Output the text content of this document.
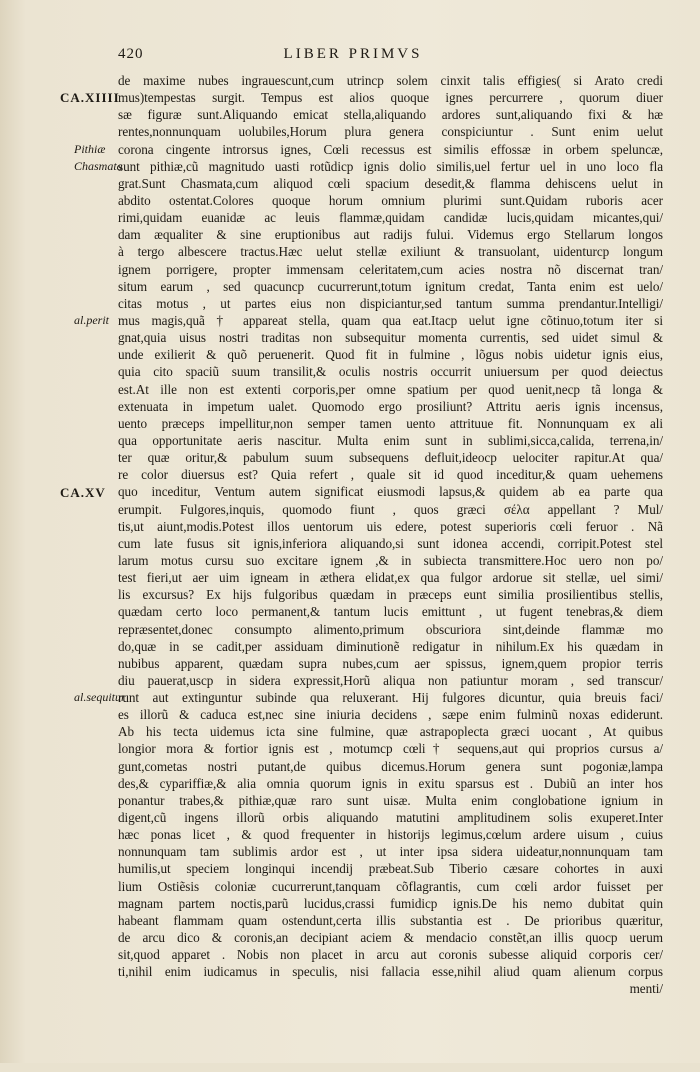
420	LIBER PRIMVS
CA.XIIII
Pithiæ
Chasmata
al.perit
CA.XV
al.sequitur
de maxime nubes ingrauescunt,cum utrincp solem cinxit talis effigies( si Arato credi
mus)tempestas surgit. Tempus est alios quoque ignes percurrere , quorum diuer
sæ figuræ sunt.Aliquando emicat stella,aliquando ardores sunt,aliquando fixi & hæ
rentes,nonnunquam uolubiles,Horum plura genera conspiciuntur . Sunt enim uelut
corona cingente introrsus ignes, Cœli recessus est similis effossæ in orbem speluncæ,
sunt pithiæ,cũ magnitudo uasti rotũdicp ignis dolio similis,uel fertur uel in uno loco fla
grat.Sunt Chasmata,cum aliquod cœli spacium desedit,& flamma dehiscens uelut in
abdito ostentat.Colores quoque horum omnium plurimi sunt.Quidam ruboris acer
rimi,quidam euanidæ ac leuis flammæ,quidam candidæ lucis,quidam micantes,qui/
dam æqualiter & sine eruptionibus aut radijs fului. Videmus ergo Stellarum longos
à tergo albescere tractus.Hæc uelut stellæ exiliunt & transuolant, uidenturcp longum
ignem porrigere, propter immensam celeritatem,cum acies nostra nõ discernat tran/
situm earum , sed quacuncp cucurrerunt,totum ignitum credat, Tanta enim est uelo/
citas motus , ut partes eius non dispiciantur,sed tantum summa prendantur.Intelligi/
mus magis,quã † appareat stella, quam qua eat.Itacp uelut igne cõtinuo,totum iter si
gnat,quia uisus nostri traditas non subsequitur momenta currentis, sed uidet simul &
unde exilierit & quõ peruenerit. Quod fit in fulmine , lõgus nobis uidetur ignis eius,
quia cito spaciũ suum transilit,& oculis nostris occurrit uniuersum per quod deiectus
est.At ille non est extenti corporis,per omne spatium per quod uenit,necp tã longa &
extenuata in impetum ualet. Quomodo ergo prosiliunt? Attritu aeris ignis incensus,
uento præceps impellitur,non semper tamen uento attrituue fit. Nonnunquam ex ali
qua opportunitate aeris nascitur. Multa enim sunt in sublimi,sicca,calida, terrena,in/
ter quæ oritur,& pabulum suum subsequens defluit,ideocp uelociter rapitur.At qua/
re color diuersus est? Quia refert , quale sit id quod inceditur,& quam uehemens
quo inceditur, Ventum autem significat eiusmodi lapsus,& quidem ab ea parte qua
erumpit. Fulgores,inquis, quomodo fiunt , quos græci σέλα appellant ? Mul/
tis,ut aiunt,modis.Potest illos uentorum uis edere, potest superioris cœli feruor . Nã
cum late fusus sit ignis,inferiora aliquando,si sunt idonea accendi, corripit.Potest stel
larum motus cursu suo excitare ignem ,& in subiecta transmittere.Hoc uero non po/
test fieri,ut aer uim igneam in æthera elidat,ex qua fulgor ardorue sit stellæ, uel simi/
lis excursus? Ex hijs fulgoribus quædam in præceps eunt similia prosilientibus stellis,
quædam certo loco permanent,& tantum lucis emittunt , ut fugent tenebras,& diem
repræsentet,donec consumpto alimento,primum obscuriora sint,deinde flammæ mo
do,quæ in se cadit,per assiduam diminutionẽ redigatur in nihilum.Ex his quædam in
nubibus apparent, quædam supra nubes,cum aer spissus, ignem,quem propior terris
diu pauerat,uscp in sidera expressit,Horũ aliqua non patiuntur moram , sed transcur/
runt aut extinguntur subinde qua reluxerant. Hij fulgores dicuntur, quia breuis faci/
es illorũ & caduca est,nec sine iniuria decidens , sæpe enim fulminũ noxas ediderunt.
Ab his tecta uidemus icta sine fulmine, quæ astrapoplecta græci uocant , At quibus
longior mora & fortior ignis est , motumcp cœli† sequens,aut qui proprios cursus a/
gunt,cometas nostri putant,de quibus dicemus.Horum genera sunt pogoniæ,lampa
des,& cypariffiæ,& alia omnia quorum ignis in exitu sparsus est . Dubiũ an inter hos
ponantur trabes,& pithiæ,quæ raro sunt uisæ. Multa enim conglobatione ignium in
digent,cũ ingens illorũ orbis aliquando matutini amplitudinem solis exuperet.Inter
hæc ponas licet , & quod frequenter in historijs legimus,cœlum ardere uisum , cuius
nonnunquam tam sublimis ardor est , ut inter ipsa sidera uideatur,nonnunquam tam
humilis,ut speciem longinqui incendij præbeat.Sub Tiberio cæsare cohortes in auxi
lium Ostiẽsis coloniæ cucurrerunt,tanquam cõflagrantis, cum cœli ardor fuisset per
magnam partem noctis,parũ lucidus,crassi fumidicp ignis.De his nemo dubitat quin
habeant flammam quam ostendunt,certa illis substantia est . De prioribus quæritur,
de arcu dico & coronis,an decipiant aciem & mendacio constẽt,an illis quocp uerum
sit,quod apparet . Nobis non placet in arcu aut coronis subesse aliquid corporis cer/
ti,nihil enim iudicamus in speculis, nisi fallacia esse,nihil aliud quam alienum corpus
menti/
